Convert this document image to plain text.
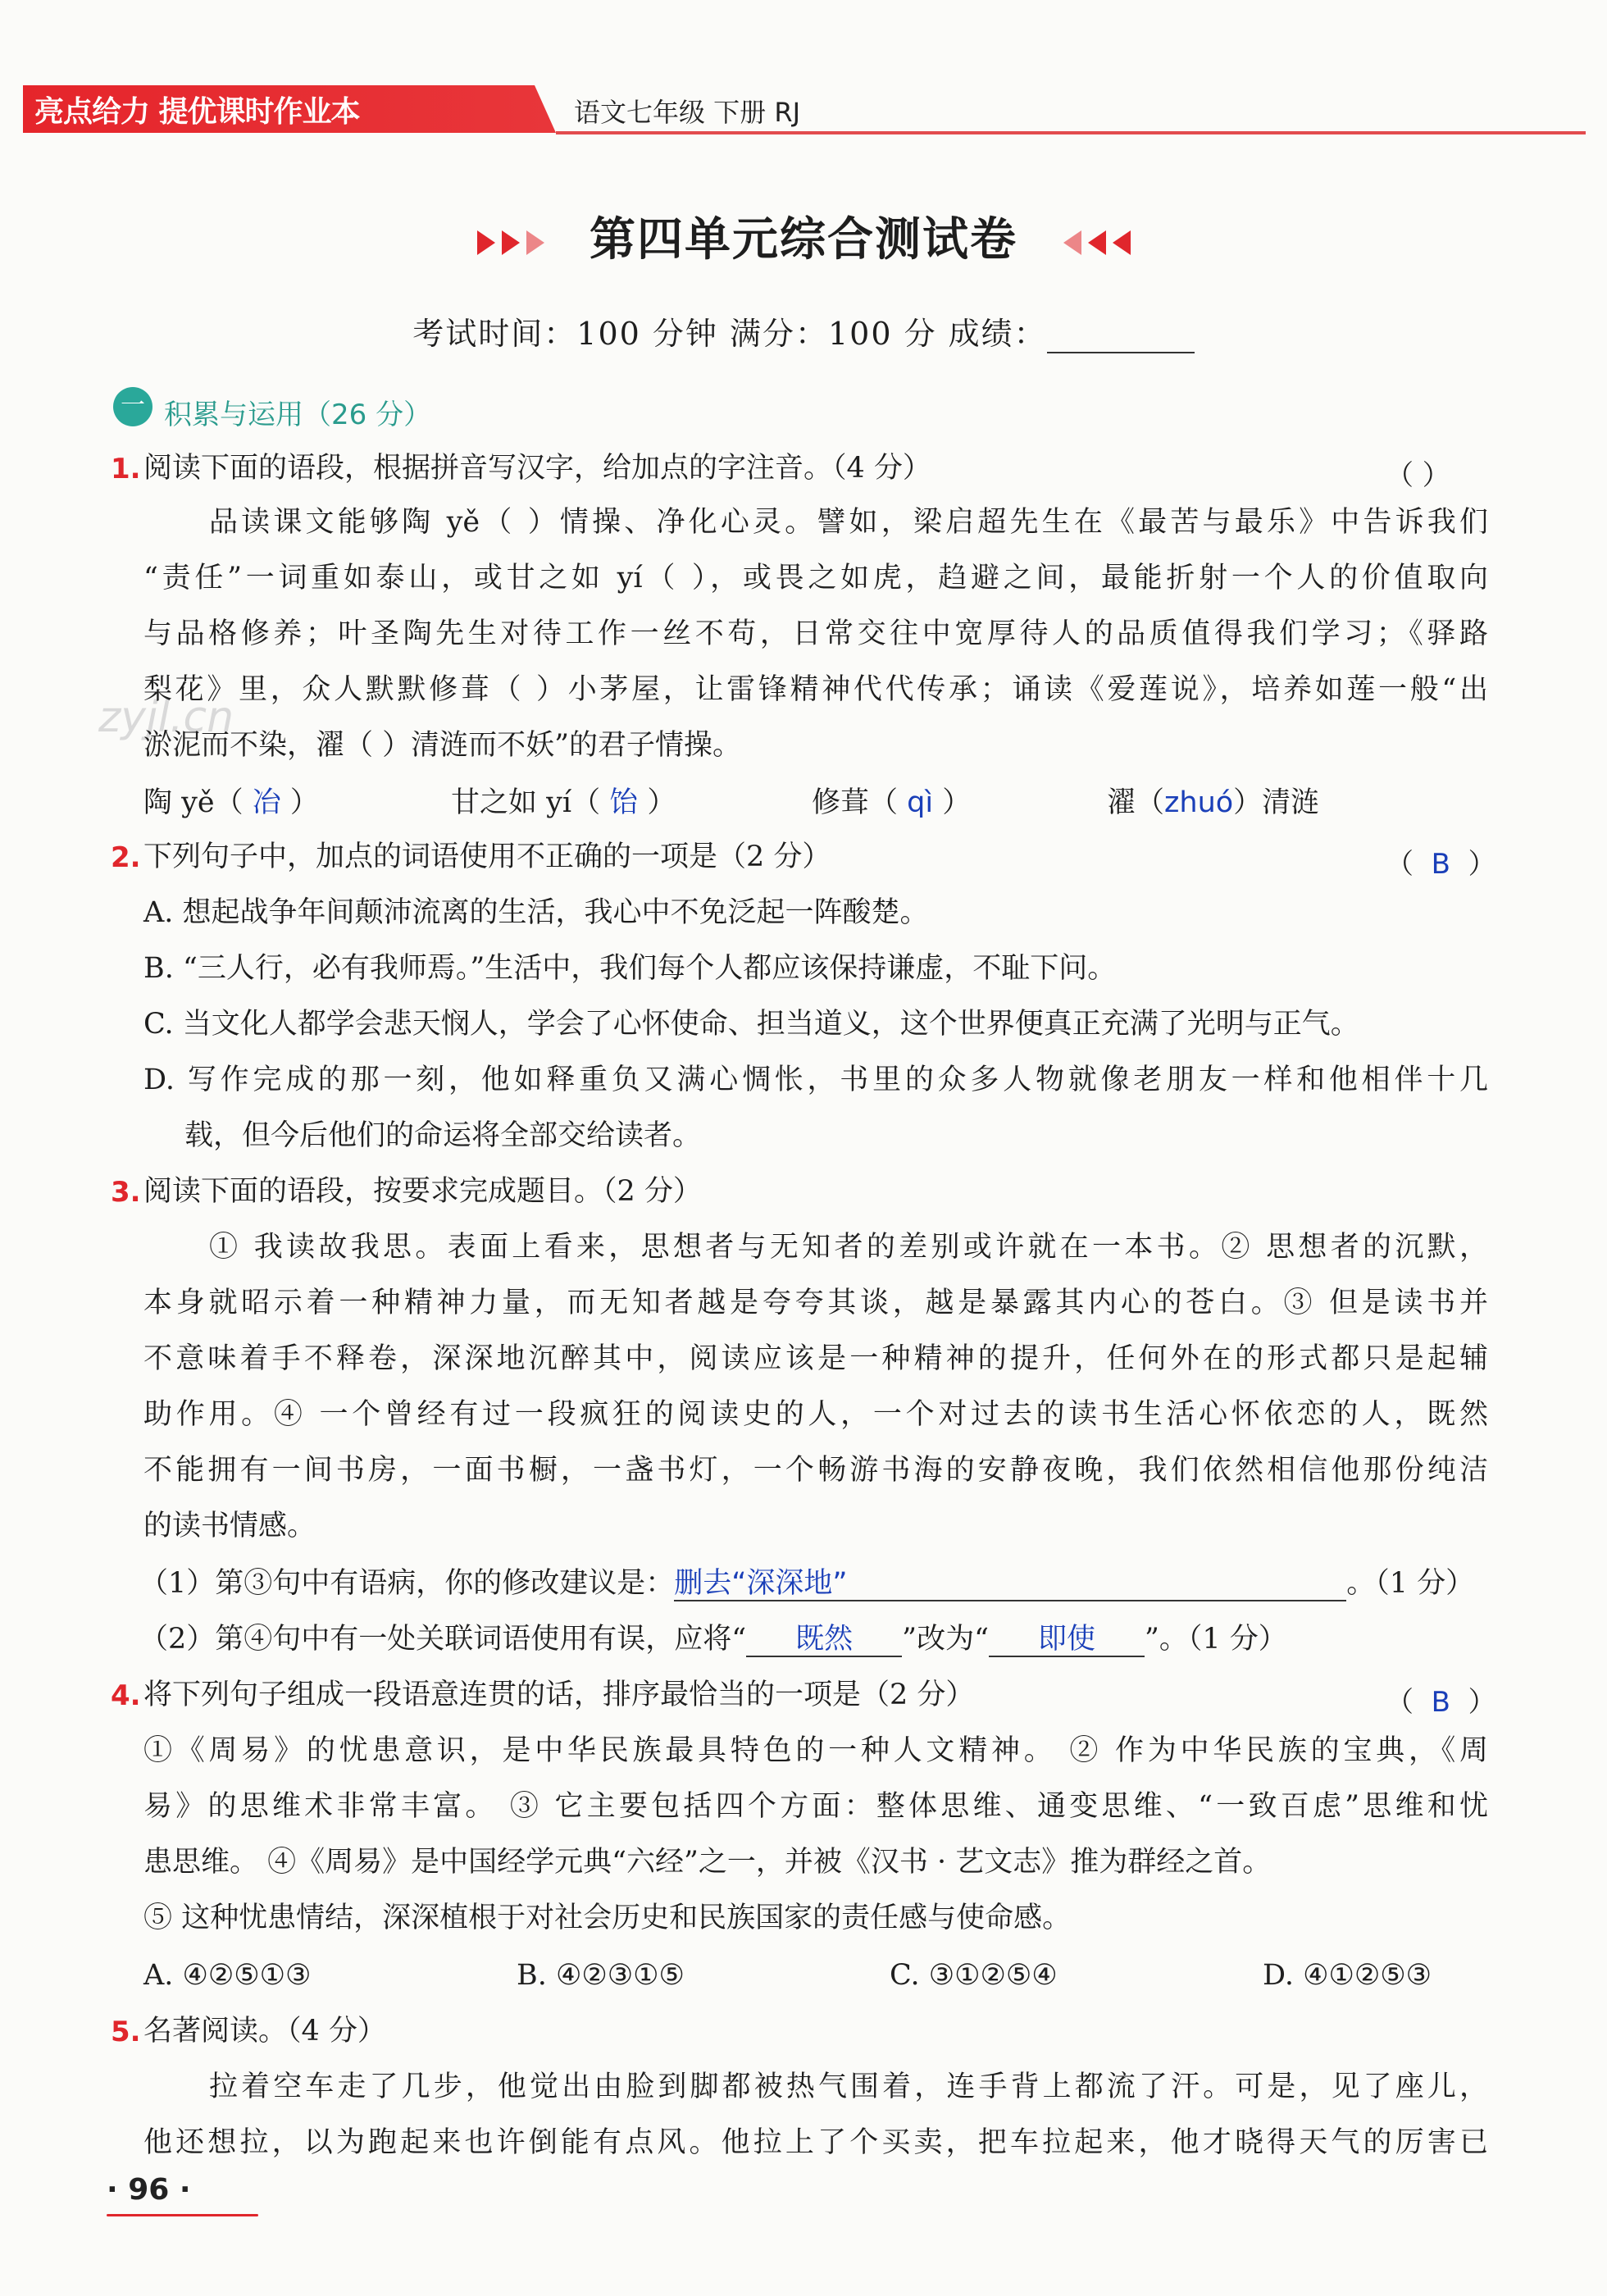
亮点给力 提优课时作业本	语文七年级 下册 RJ
第四单元综合测试卷
考试时间：100 分钟 满分：100 分 成绩：
一 积累与运用（26 分）
zyjl.cn
1. 阅读下面的语段，根据拼音写汉字，给加点的字注音。（4 分）	（ ）
品读课文能够陶 yě（ ）情操、净化心灵。譬如，梁启超先生在《最苦与最乐》中告诉我们
“责任”一词重如泰山，或甘之如 yí（ ），或畏之如虎，趋避之间，最能折射一个人的价值取向
与品格修养；叶圣陶先生对待工作一丝不苟，日常交往中宽厚待人的品质值得我们学习；《驿路
梨花》里，众人默默修葺（ ）小茅屋，让雷锋精神代代传承；诵读《爱莲说》，培养如莲一般“出
淤泥而不染，濯（ ）清涟而不妖”的君子情操。
陶 yě（ 冶 ）	甘之如 yí（ 饴 ）	修葺（ qì ）	濯（zhuó）清涟
2. 下列句子中，加点的词语使用不正确的一项是（2 分）	（ B ）
A. 想起战争年间颠沛流离的生活，我心中不免泛起一阵酸楚。
B. “三人行，必有我师焉。”生活中，我们每个人都应该保持谦虚，不耻下问。
C. 当文化人都学会悲天悯人，学会了心怀使命、担当道义，这个世界便真正充满了光明与正气。
D. 写作完成的那一刻，他如释重负又满心惆怅，书里的众多人物就像老朋友一样和他相伴十几
载，但今后他们的命运将全部交给读者。
3. 阅读下面的语段，按要求完成题目。（2 分）
① 我读故我思。表面上看来，思想者与无知者的差别或许就在一本书。② 思想者的沉默，
本身就昭示着一种精神力量，而无知者越是夸夸其谈，越是暴露其内心的苍白。③ 但是读书并
不意味着手不释卷，深深地沉醉其中，阅读应该是一种精神的提升，任何外在的形式都只是起辅
助作用。④ 一个曾经有过一段疯狂的阅读史的人，一个对过去的读书生活心怀依恋的人，既然
不能拥有一间书房，一面书橱，一盏书灯，一个畅游书海的安静夜晚，我们依然相信他那份纯洁
的读书情感。
（1）第③句中有语病，你的修改建议是：删去“深深地”	。（1 分）
（2）第④句中有一处关联词语使用有误，应将“ 既然 ”改为“ 即使 ”。（1 分）
4. 将下列句子组成一段语意连贯的话，排序最恰当的一项是（2 分）	（ B ）
①《周易》的忧患意识，是中华民族最具特色的一种人文精神。 ② 作为中华民族的宝典，《周
易》的思维术非常丰富。 ③ 它主要包括四个方面：整体思维、通变思维、“一致百虑”思维和忧
患思维。 ④《周易》是中国经学元典“六经”之一，并被《汉书 · 艺文志》推为群经之首。
⑤ 这种忧患情结，深深植根于对社会历史和民族国家的责任感与使命感。
A. ④②⑤①③	B. ④②③①⑤	C. ③①②⑤④	D. ④①②⑤③
5. 名著阅读。（4 分）
拉着空车走了几步，他觉出由脸到脚都被热气围着，连手背上都流了汗。可是，见了座儿，
他还想拉，以为跑起来也许倒能有点风。他拉上了个买卖，把车拉起来，他才晓得天气的厉害已
· 96 ·
